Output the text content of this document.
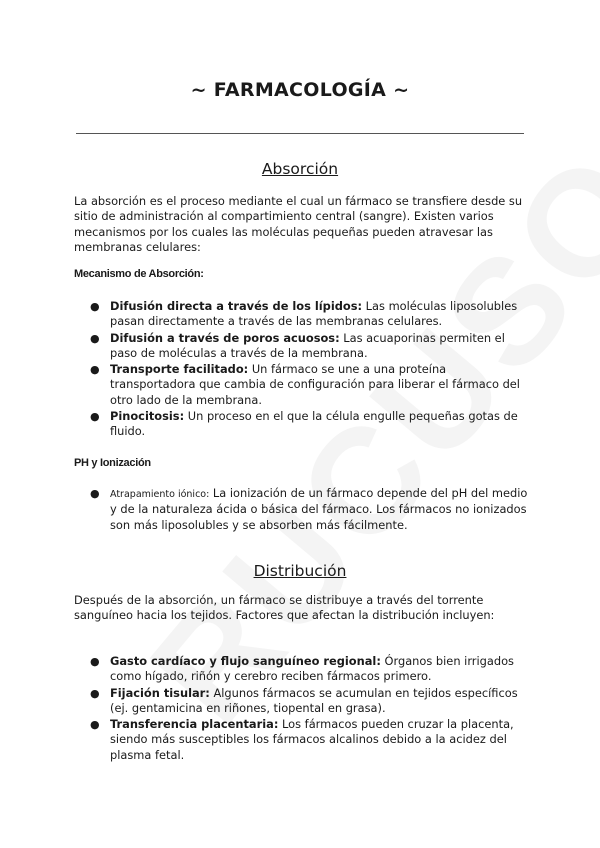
~ FARMACOLOGÍA ~
Absorción

La absorción es el proceso mediante el cual un fármaco se transfiere desde su sitio de administración al compartimiento central (sangre). Existen varios mecanismos por los cuales las moléculas pequeñas pueden atravesar las membranas celulares:

Mecanismo de Absorción:
● Difusión directa a través de los lípidos: Las moléculas liposolubles pasan directamente a través de las membranas celulares.
● Difusión a través de poros acuosos: Las acuaporinas permiten el paso de moléculas a través de la membrana.
● Transporte facilitado: Un fármaco se une a una proteína transportadora que cambia de configuración para liberar el fármaco del otro lado de la membrana.
● Pinocitosis: Un proceso en el que la célula engulle pequeñas gotas de fluido.
PH y Ionización
● Atrapamiento iónico: La ionización de un fármaco depende del pH del medio y de la naturaleza ácida o básica del fármaco. Los fármacos no ionizados son más liposolubles y se absorben más fácilmente.
Distribución

Después de la absorción, un fármaco se distribuye a través del torrente sanguíneo hacia los tejidos. Factores que afectan la distribución incluyen:

● Gasto cardíaco y flujo sanguíneo regional: Órganos bien irrigados como hígado, riñón y cerebro reciben fármacos primero.
● Fijación tisular: Algunos fármacos se acumulan en tejidos específicos (ej. gentamicina en riñones, tiopental en grasa).
● Transferencia placentaria: Los fármacos pueden cruzar la placenta, siendo más susceptibles los fármacos alcalinos debido a la acidez del plasma fetal.
